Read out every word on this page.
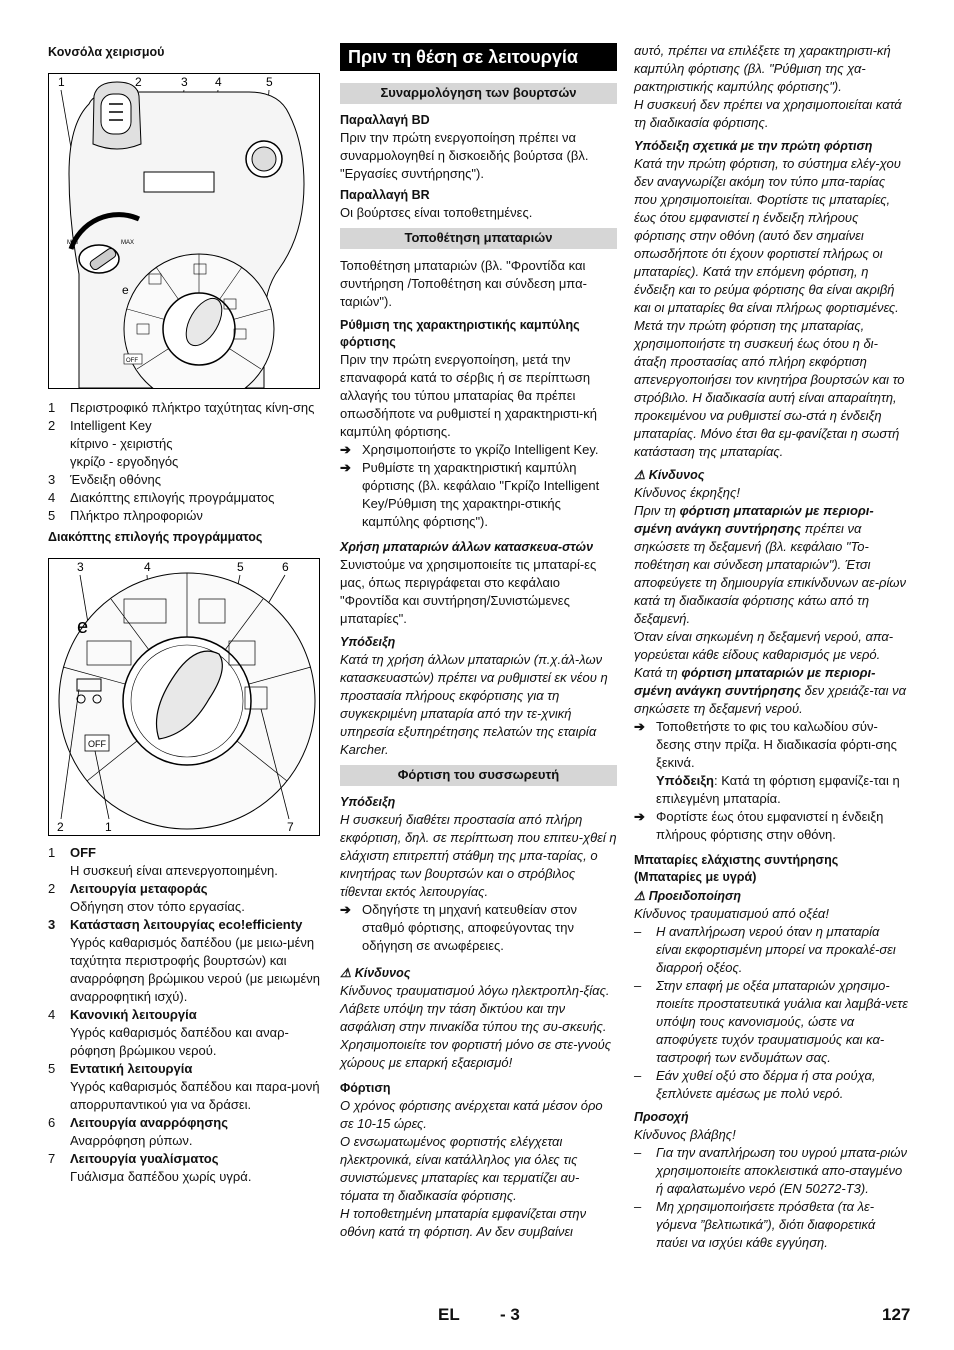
Κονσόλα χειρισμού
1	2	3 4	5
MIN	MAX
e
OFF
1	Περιστροφικό πλήκτρο ταχύτητας κίνη-σης
2	Intelligent Key
κίτρινο - χειριστής
γκρίζο - εργοδηγός
3	Ένδειξη οθόνης
4	Διακόπτης επιλογής προγράμματος
5	Πλήκτρο πληροφοριών
Διακόπτης επιλογής προγράμματος
3	4	5	6
e
OFF
2	1	7
1	OFF
Η συσκευή είναι απενεργοποιημένη.
2	Λειτουργία μεταφοράς
Οδήγηση στον τόπο εργασίας.
3	Κατάσταση λειτουργίας eco!efficienty
Υγρός καθαρισμός δαπέδου (με μειω-μένη ταχύτητα περιστροφής βουρτσών) και αναρρόφηση βρώμικου νερού (με μειωμένη αναρροφητική ισχύ).
4	Κανονική λειτουργία
Υγρός καθαρισμός δαπέδου και αναρ-ρόφηση βρώμικου νερού.
5	Εντατική λειτουργία
Υγρός καθαρισμός δαπέδου και παρα-μονή απορρυπαντικού για να δράσει.
6	Λειτουργία αναρρόφησης
Αναρρόφηση ρύπων.
7	Λειτουργία γυαλίσματος
Γυάλισμα δαπέδου χωρίς υγρά.
Πριν τη θέση σε λειτουργία
Συναρμολόγηση των βουρτσών
Παραλλαγή BD
Πριν την πρώτη ενεργοποίηση πρέπει να συναρμολογηθεί η δισκοειδής βούρτσα (βλ. "Εργασίες συντήρησης").
Παραλλαγή BR
Οι βούρτσες είναι τοποθετημένες.
Τοποθέτηση μπαταριών
Τοποθέτηση μπαταριών (βλ. "Φροντίδα και συντήρηση /Τοποθέτηση και σύνδεση μπα-ταριών").
Ρύθμιση της χαρακτηριστικής καμπύλης φόρτισης
Πριν την πρώτη ενεργοποίηση, μετά την επαναφορά κατά το σέρβις ή σε περίπτωση αλλαγής του τύπου μπαταρίας θα πρέπει οπωσδήποτε να ρυθμιστεί η χαρακτηριστι-κή καμπύλη φόρτισης.
➔ Χρησιμοποιήστε το γκρίζο Intelligent Key.
➔ Ρυθμίστε τη χαρακτηριστική καμπύλη φόρτισης (βλ. κεφάλαιο "Γκρίζο Intelligent Key/Ρύθμιση της χαρακτηρι-στικής καμπύλης φόρτισης").
Χρήση μπαταριών άλλων κατασκευα-στών
Συνιστούμε να χρησιμοποιείτε τις μπαταρί-ες μας, όπως περιγράφεται στο κεφάλαιο "Φροντίδα και συντήρηση/Συνιστώμενες μπαταρίες".
Υπόδειξη
Κατά τη χρήση άλλων μπαταριών (π.χ.άλ-λων κατασκευαστών) πρέπει να ρυθμιστεί εκ νέου η προστασία πλήρους εκφόρτισης για τη συγκεκριμένη μπαταρία από την τε-χνική υπηρεσία εξυπηρέτησης πελατών της εταιρία Karcher.
Φόρτιση του συσσωρευτή
Υπόδειξη
Η συσκευή διαθέτει προστασία από πλήρη εκφόρτιση, δηλ. σε περίπτωση που επιτευ-χθεί η ελάχιστη επιτρεπτή στάθμη της μπα-ταρίας, ο κινητήρας των βουρτσών και ο στρόβιλος τίθενται εκτός λειτουργίας.
➔ Οδηγήστε τη μηχανή κατευθείαν στον σταθμό φόρτισης, αποφεύγοντας την οδήγηση σε ανωφέρειες.
⚠ Κίνδυνος
Κίνδυνος τραυματισμού λόγω ηλεκτροπλη-ξίας. Λάβετε υπόψη την τάση δικτύου και την ασφάλιση στην πινακίδα τύπου της συ-σκευής.
Χρησιμοποιείτε τον φορτιστή μόνο σε στε-γνούς χώρους με επαρκή εξαερισμό!
Φόρτιση
Ο χρόνος φόρτισης ανέρχεται κατά μέσον όρο σε 10-15 ώρες.
Ο ενσωματωμένος φορτιστής ελέγχεται ηλεκτρονικά, είναι κατάλληλος για όλες τις συνιστώμενες μπαταρίες και τερματίζει αυ-τόματα τη διαδικασία φόρτισης.
Η τοποθετημένη μπαταρία εμφανίζεται στην οθόνη κατά τη φόρτιση. Αν δεν συμβαίνει
αυτό, πρέπει να επιλέξετε τη χαρακτηριστι-κή καμπύλη φόρτισης (βλ. "Ρύθμιση της χα-ρακτηριστικής καμπύλης φόρτισης").
Η συσκευή δεν πρέπει να χρησιμοποιείται κατά τη διαδικασία φόρτισης.
Υπόδειξη σχετικά με την πρώτη φόρτιση
Κατά την πρώτη φόρτιση, το σύστημα ελέγ-χου δεν αναγνωρίζει ακόμη τον τύπο μπα-ταρίας που χρησιμοποιείται. Φορτίστε τις μπαταρίες, έως ότου εμφανιστεί η ένδειξη πλήρους φόρτισης στην οθόνη (αυτό δεν σημαίνει οπωσδήποτε ότι έχουν φορτιστεί πλήρως οι μπαταρίες). Κατά την επόμενη φόρτιση, η ένδειξη και το ρεύμα φόρτισης θα είναι ακριβή και οι μπαταρίες θα είναι πλήρως φορτισμένες.
Μετά την πρώτη φόρτιση της μπαταρίας, χρησιμοποιήστε τη συσκευή έως ότου η δι-άταξη προστασίας από πλήρη εκφόρτιση απενεργοποιήσει τον κινητήρα βουρτσών και το στρόβιλο. Η διαδικασία αυτή είναι απαραίτητη, προκειμένου να ρυθμιστεί σω-στά η ένδειξη μπαταρίας. Μόνο έτσι θα εμ-φανίζεται η σωστή κατάσταση της μπαταρίας.
⚠ Κίνδυνος
Κίνδυνος έκρηξης!
Πριν τη φόρτιση μπαταριών με περιορι-σμένη ανάγκη συντήρησης πρέπει να σηκώσετε τη δεξαμενή (βλ. κεφάλαιο "Το-ποθέτηση και σύνδεση μπαταριών"). Έτσι αποφεύγετε τη δημιουργία επικίνδυνων αε-ρίων κατά τη διαδικασία φόρτισης κάτω από τη δεξαμενή.
Όταν είναι σηκωμένη η δεξαμενή νερού, απα-γορεύεται κάθε είδους καθαρισμός με νερό.
Κατά τη φόρτιση μπαταριών με περιορι-σμένη ανάγκη συντήρησης δεν χρειάζε-ται να σηκώσετε τη δεξαμενή νερού.
➔ Τοποθετήστε το φις του καλωδίου σύν-δεσης στην πρίζα. Η διαδικασία φόρτι-σης ξεκινά.
Υπόδειξη: Κατά τη φόρτιση εμφανίζε-ται η επιλεγμένη μπαταρία.
➔ Φορτίστε έως ότου εμφανιστεί η ένδειξη πλήρους φόρτισης στην οθόνη.
Μπαταρίες ελάχιστης συντήρησης (Μπαταρίες με υγρά)
⚠ Προειδοποίηση
Κίνδυνος τραυματισμού από οξέα!
–	Η αναπλήρωση νερού όταν η μπαταρία είναι εκφορτισμένη μπορεί να προκαλέ-σει διαρροή οξέος.
–	Στην επαφή με οξέα μπαταριών χρησιμο-ποιείτε προστατευτικά γυάλια και λαμβά-νετε υπόψη τους κανονισμούς, ώστε να αποφύγετε τυχόν τραυματισμούς και κα-ταστροφή των ενδυμάτων σας.
–	Εάν χυθεί οξύ στο δέρμα ή στα ρούχα, ξεπλύνετε αμέσως με πολύ νερό.
Προσοχή
Κίνδυνος βλάβης!
–	Για την αναπλήρωση του υγρού μπατα-ριών χρησιμοποιείτε αποκλειστικά απο-σταγμένο ή αφαλατωμένο νερό (EN 50272-T3).
–	Μη χρησιμοποιήσετε πρόσθετα (τα λε-γόμενα ”βελτιωτικά”), διότι διαφορετικά παύει να ισχύει κάθε εγγύηση.
EL - 3	127
